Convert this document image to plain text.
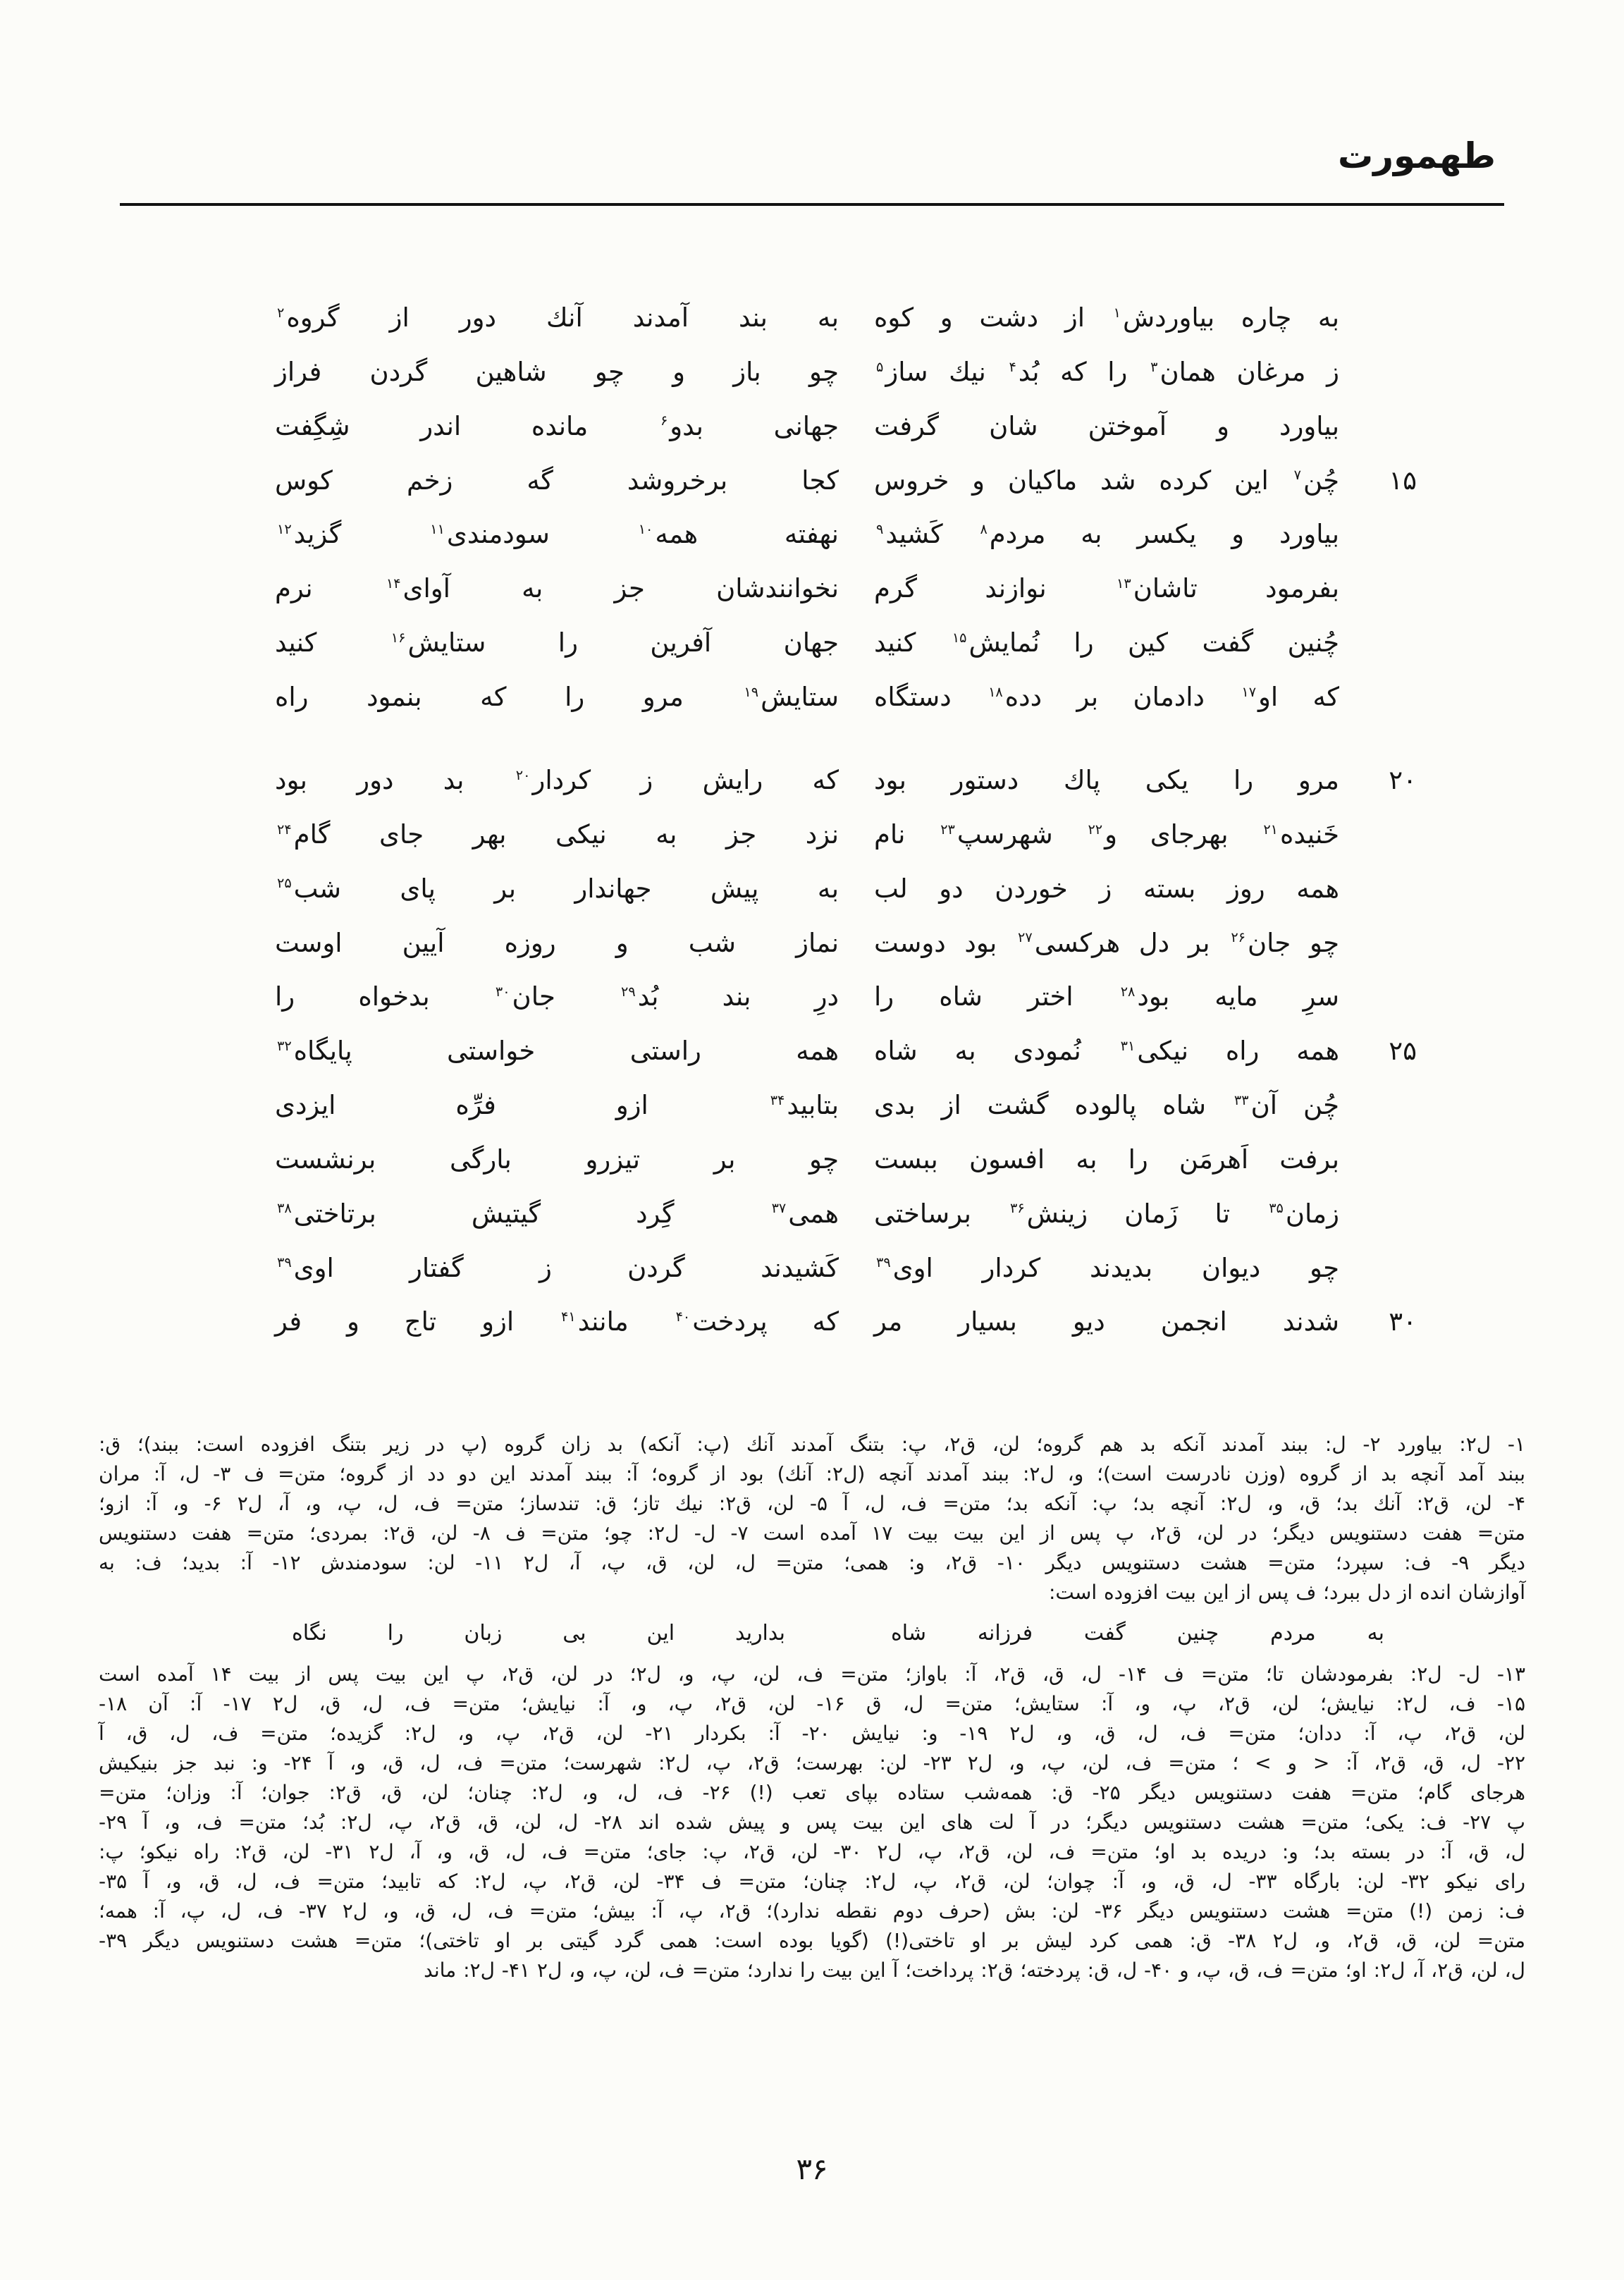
طهمورت
به چاره بیاوردش$^۱$ از دشت و کوه
به بند آمدند آنك دور از گروه$^۲$
ز مرغان همان$^۳$ را که بُد$^۴$ نیك ساز$^۵$
چو باز و چو شاهین گردن فراز
بیاورد و آموختن شان گرفت
جهانی بدو$^۶$ مانده اندر شِگِفت
۱۵
چُن$^۷$ این کرده شد ماکیان و خروس
کجا برخروشد گه زخم کوس
بیاورد و یکسر به مردم$^۸$ کَشید$^۹$
نهفته همه$^{۱۰}$ سودمندی$^{۱۱}$ گزید$^{۱۲}$
بفرمود تاشان$^{۱۳}$ نوازند گرم
نخوانندشان جز به آوای$^{۱۴}$ نرم
چُنین گفت کین را نُمایش$^{۱۵}$ کنید
جهان آفرین را ستایش$^{۱۶}$ کنید
که او$^{۱۷}$ دادمان بر دده$^{۱۸}$ دستگاه
ستایش$^{۱۹}$ مرو را که بنمود راه
۲۰
مرو را یکی پاك دستور بود
که رایش ز کردار$^{۲۰}$ بد دور بود
خَنیده$^{۲۱}$ بهرجای و$^{۲۲}$ شهرسپ$^{۲۳}$ نام
نزد جز به نیکی بهر جای گام$^{۲۴}$
همه روز بسته ز خوردن دو لب
به پیش جهاندار بر پای شب$^{۲۵}$
چو جان$^{۲۶}$ بر دل هرکسی$^{۲۷}$ بود دوست
نماز شب و روزه آیین اوست
سرِ مایه بود$^{۲۸}$ اختر شاه را
درِ بند بُد$^{۲۹}$ جان$^{۳۰}$ بدخواه را
۲۵
همه راه نیکی$^{۳۱}$ نُمودی به شاه
همه راستی خواستی پایگاه$^{۳۲}$
چُن آن$^{۳۳}$ شاه پالوده گشت از بدی
بتابید$^{۳۴}$ ازو فرِّه ایزدی
برفت اَهرمَن را به افسون ببست
چو بر تیزرو بارگی برنشست
زمان$^{۳۵}$ تا زَمان زینش$^{۳۶}$ برساختی
همی$^{۳۷}$ گِرد گیتیش برتاختی$^{۳۸}$
چو دیوان بدیدند کردار اوی$^{۳۹}$
کَشیدند گردن ز گفتار اوی$^{۳۹}$
۳۰
شدند انجمن دیو بسیار مر
که پردخت$^{۴۰}$ مانند$^{۴۱}$ ازو تاج و فر
۱- ل۲: بیاورد ۲- ل: ببند آمدند آنکه بد هم گروه؛ لن، ق۲، پ: بتنگ آمدند آنك (پ: آنکه) بد زان گروه (پ در زیر بتنگ افزوده است: ببند)؛ ق:
ببند آمد آنچه بد از گروه (وزن نادرست است)؛ و، ل۲: ببند آمدند آنچه (ل۲: آنك) بود از گروه؛ آ: ببند آمدند این دو دد از گروه؛ متن= ف ۳- ل، آ: مران
۴- لن، ق۲: آنك بد؛ ق، و، ل۲: آنچه بد؛ پ: آنکه بد؛ متن= ف، ل، آ ۵- لن، ق۲: نیك تاز؛ ق: تندساز؛ متن= ف، ل، پ، و، آ، ل۲ ۶- و، آ: ازو؛
متن= هفت دستنویس دیگر؛ در لن، ق۲، پ پس از این بیت بیت ۱۷ آمده است ۷- ل- ل۲: چو؛ متن= ف ۸- لن، ق۲: بمردی؛ متن= هفت دستنویس
دیگر ۹- ف: سپرد؛ متن= هشت دستنویس دیگر ۱۰- ق۲، و: همی؛ متن= ل، لن، ق، پ، آ، ل۲ ۱۱- لن: سودمندش ۱۲- آ: بدید؛ ف: به
آوازشان انده از دل ببرد؛ ف پس از این بیت افزوده است:
به مردم چنین گفت فرزانه شاه
بدارید این بی زبان را نگاه
۱۳- ل- ل۲: بفرمودشان تا؛ متن= ف ۱۴- ل، ق، ق۲، آ: باواز؛ متن= ف، لن، پ، و، ل۲؛ در لن، ق۲، پ این بیت پس از بیت ۱۴ آمده است
۱۵- ف، ل۲: نیایش؛ لن، ق۲، پ، و، آ: ستایش؛ متن= ل، ق ۱۶- لن، ق۲، پ، و، آ: نیایش؛ متن= ف، ل، ق، ل۲ ۱۷- آ: آن ۱۸-
لن، ق۲، پ، آ: ددان؛ متن= ف، ل، ق، و، ل۲ ۱۹- و: نیایش ۲۰- آ: بکردار ۲۱- لن، ق۲، پ، و، ل۲: گزیده؛ متن= ف، ل، ق، آ
۲۲- ل، ق، ق۲، آ: < و > ؛ متن= ف، لن، پ، و، ل۲ ۲۳- لن: بهرست؛ ق۲، پ، ل۲: شهرست؛ متن= ف، ل، ق، و، آ ۲۴- و: نبد جز بنیکیش
هرجای گام؛ متن= هفت دستنویس دیگر ۲۵- ق: همه‌شب ستاده بپای تعب (!) ۲۶- ف، ل، و، ل۲: چنان؛ لن، ق، ق۲: جوان؛ آ: وزان؛ متن=
پ ۲۷- ف: یکی؛ متن= هشت دستنویس دیگر؛ در آ لت های این بیت پس و پیش شده اند ۲۸- ل، لن، ق، ق۲، پ، ل۲: بُد؛ متن= ف، و، آ ۲۹-
ل، ق، آ: در بسته بد؛ و: دریده بد او؛ متن= ف، لن، ق۲، پ، ل۲ ۳۰- لن، ق۲، پ: جای؛ متن= ف، ل، ق، و، آ، ل۲ ۳۱- لن، ق۲: راه نیکو؛ پ:
رای نیکو ۳۲- لن: بارگاه ۳۳- ل، ق، و، آ: چوان؛ لن، ق۲، پ، ل۲: چنان؛ متن= ف ۳۴- لن، ق۲، پ، ل۲: که تابید؛ متن= ف، ل، ق، و، آ ۳۵-
ف: زمن (!) متن= هشت دستنویس دیگر ۳۶- لن: بش (حرف دوم نقطه ندارد)؛ ق۲، پ، آ: بیش؛ متن= ف، ل، ق، و، ل۲ ۳۷- ف، ل، پ، آ: همه؛
متن= لن، ق، ق۲، و، ل۲ ۳۸- ق: همی کرد لیش بر او تاختی(!) (گویا بوده است: همی گرد گیتی بر او تاختی)؛ متن= هشت دستنویس دیگر ۳۹-
ل، لن، ق۲، آ، ل۲: او؛ متن= ف، ق، پ، و ۴۰- ل، ق: پردخته؛ ق۲: پرداخت؛ آ این بیت را ندارد؛ متن= ف، لن، پ، و، ل۲ ۴۱- ل۲: ماند
۳۶
